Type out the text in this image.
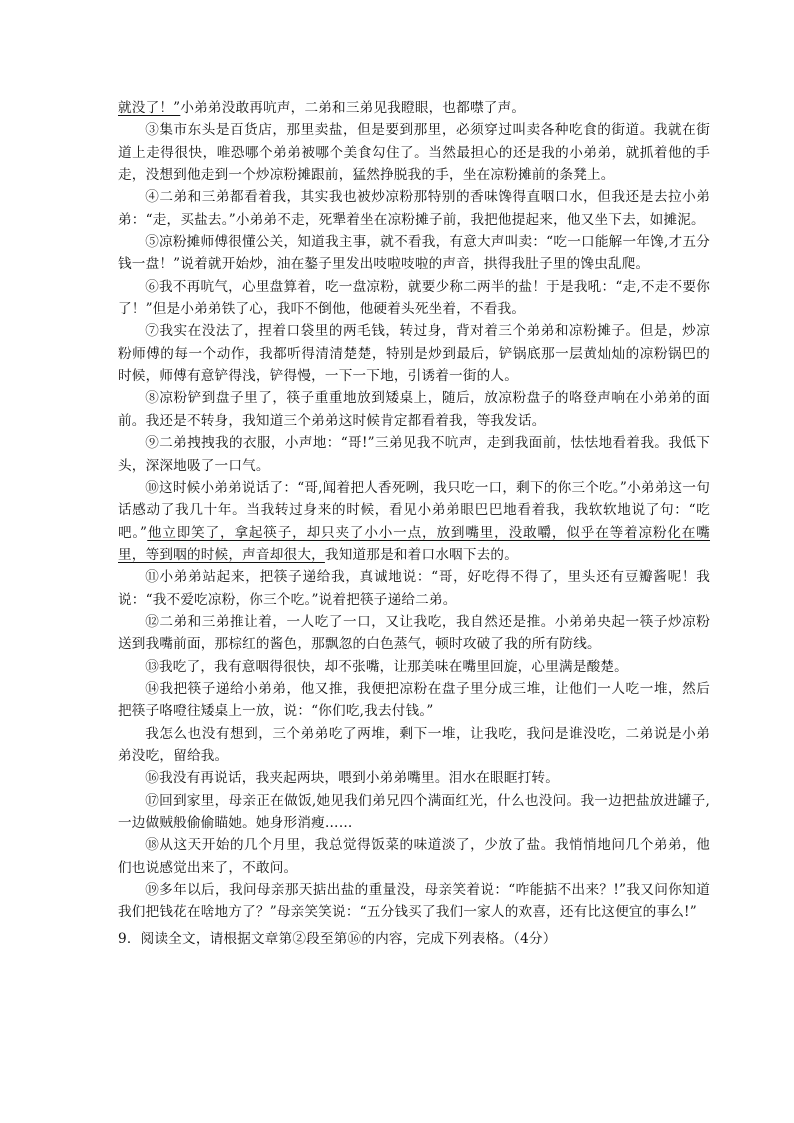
就没了！”小弟弟没敢再吭声，二弟和三弟见我瞪眼，也都噤了声。

③集市东头是百货店，那里卖盐，但是要到那里，必须穿过叫卖各种吃食的街道。我就在街道上走得很快，唯恐哪个弟弟被哪个美食勾住了。当然最担心的还是我的小弟弟，就抓着他的手走，没想到他走到一个炒凉粉摊跟前，猛然挣脱我的手，坐在凉粉摊前的条凳上。

④二弟和三弟都看着我，其实我也被炒凉粉那特别的香味馋得直咽口水，但我还是去拉小弟弟：“走，买盐去。”小弟弟不走，死犟着坐在凉粉摊子前，我把他提起来，他又坐下去，如摊泥。

⑤凉粉摊师傅很懂公关，知道我主事，就不看我，有意大声叫卖：“吃一口能解一年馋,才五分钱一盘！”说着就开始炒，油在鏊子里发出吱啦吱啦的声音，拱得我肚子里的馋虫乱爬。

⑥我不再吭气，心里盘算着，吃一盘凉粉，就要少称二两半的盐！于是我吼：“走,不走不要你了！”但是小弟弟铁了心，我吓不倒他，他硬着头死坐着，不看我。

⑦我实在没法了，捏着口袋里的两毛钱，转过身，背对着三个弟弟和凉粉摊子。但是，炒凉粉师傅的每一个动作，我都听得清清楚楚，特别是炒到最后，铲锅底那一层黄灿灿的凉粉锅巴的时候，师傅有意铲得浅，铲得慢，一下一下地，引诱着一街的人。

⑧凉粉铲到盘子里了，筷子重重地放到矮桌上，随后，放凉粉盘子的咯登声响在小弟弟的面前。我还是不转身，我知道三个弟弟这时候肯定都看着我，等我发话。

⑨二弟拽拽我的衣服，小声地：“哥!”三弟见我不吭声，走到我面前，怯怯地看着我。我低下头，深深地吸了一口气。

⑩这时候小弟弟说话了：“哥,闻着把人香死咧，我只吃一口，剩下的你三个吃。”小弟弟这一句话感动了我几十年。当我转过身来的时候，看见小弟弟眼巴巴地看着我，我软软地说了句：“吃吧。”他立即笑了，拿起筷子，却只夹了小小一点，放到嘴里，没敢嚼，似乎在等着凉粉化在嘴里，等到咽的时候，声音却很大，我知道那是和着口水咽下去的。

⑪小弟弟站起来，把筷子递给我，真诚地说：“哥，好吃得不得了，里头还有豆瓣酱呢！我说：“我不爱吃凉粉，你三个吃。”说着把筷子递给二弟。

⑫二弟和三弟推让着，一人吃了一口，又让我吃，我自然还是推。小弟弟央起一筷子炒凉粉送到我嘴前面，那棕红的酱色，那飘忽的白色蒸气，顿时攻破了我的所有防线。

⑬我吃了，我有意咽得很快，却不张嘴，让那美味在嘴里回旋，心里满是酸楚。

⑭我把筷子递给小弟弟，他又推，我便把凉粉在盘子里分成三堆，让他们一人吃一堆，然后把筷子咯噔往矮桌上一放，说：“你们吃,我去付钱。”

我怎么也没有想到，三个弟弟吃了两堆，剩下一堆，让我吃，我问是谁没吃，二弟说是小弟弟没吃，留给我。

⑯我没有再说话，我夹起两块，喂到小弟弟嘴里。泪水在眼眶打转。

⑰回到家里，母亲正在做饭,她见我们弟兄四个满面红光，什么也没问。我一边把盐放进罐子,一边做贼般偷偷瞄她。她身形消瘦……

⑱从这天开始的几个月里，我总觉得饭菜的味道淡了，少放了盐。我悄悄地问几个弟弟，他们也说感觉出来了，不敢问。

⑲多年以后，我问母亲那天掂出盐的重量没，母亲笑着说：“咋能掂不出来？!”我又问你知道我们把钱花在啥地方了？”母亲笑笑说：“五分钱买了我们一家人的欢喜，还有比这便宜的事么!”

9．阅读全文，请根据文章第②段至第⑯的内容，完成下列表格。（4分）
